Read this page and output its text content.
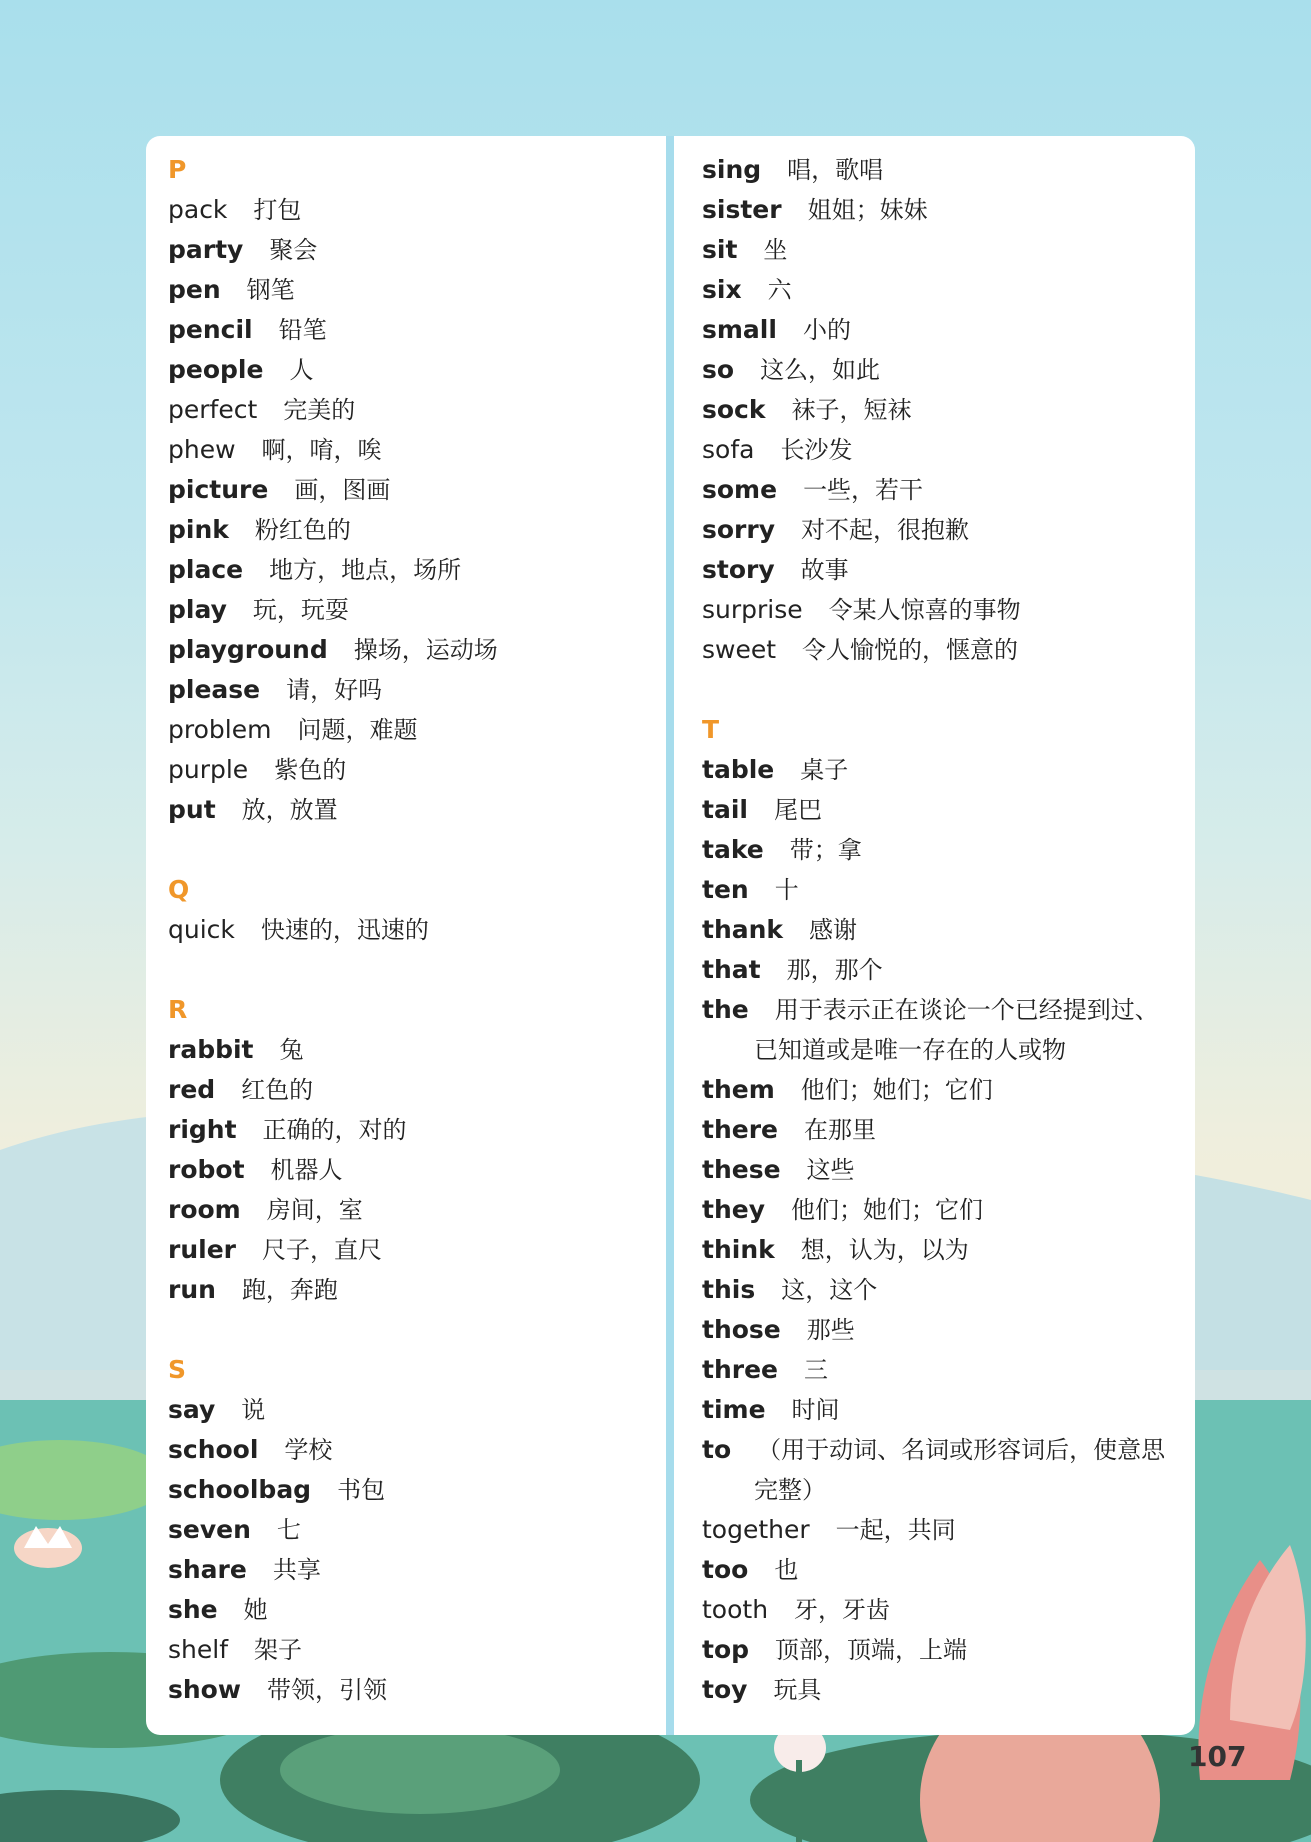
P
pack 打包
party 聚会
pen 钢笔
pencil 铅笔
people 人
perfect 完美的
phew 啊，唷，唉
picture 画，图画
pink 粉红色的
place 地方，地点，场所
play 玩，玩耍
playground 操场，运动场
please 请，好吗
problem 问题，难题
purple 紫色的
put 放，放置
Q
quick 快速的，迅速的
R
rabbit 兔
red 红色的
right 正确的，对的
robot 机器人
room 房间，室
ruler 尺子，直尺
run 跑，奔跑
S
say 说
school 学校
schoolbag 书包
seven 七
share 共享
she 她
shelf 架子
show 带领，引领
sing 唱，歌唱
sister 姐姐；妹妹
sit 坐
six 六
small 小的
so 这么，如此
sock 袜子，短袜
sofa 长沙发
some 一些，若干
sorry 对不起，很抱歉
story 故事
surprise 令某人惊喜的事物
sweet 令人愉悦的，惬意的
T
table 桌子
tail 尾巴
take 带；拿
ten 十
thank 感谢
that 那，那个
the 用于表示正在谈论一个已经提到过、
已知道或是唯一存在的人或物
them 他们；她们；它们
there 在那里
these 这些
they 他们；她们；它们
think 想，认为，以为
this 这，这个
those 那些
three 三
time 时间
to （用于动词、名词或形容词后，使意思
完整）
together 一起，共同
too 也
tooth 牙，牙齿
top 顶部，顶端，上端
toy 玩具
107
